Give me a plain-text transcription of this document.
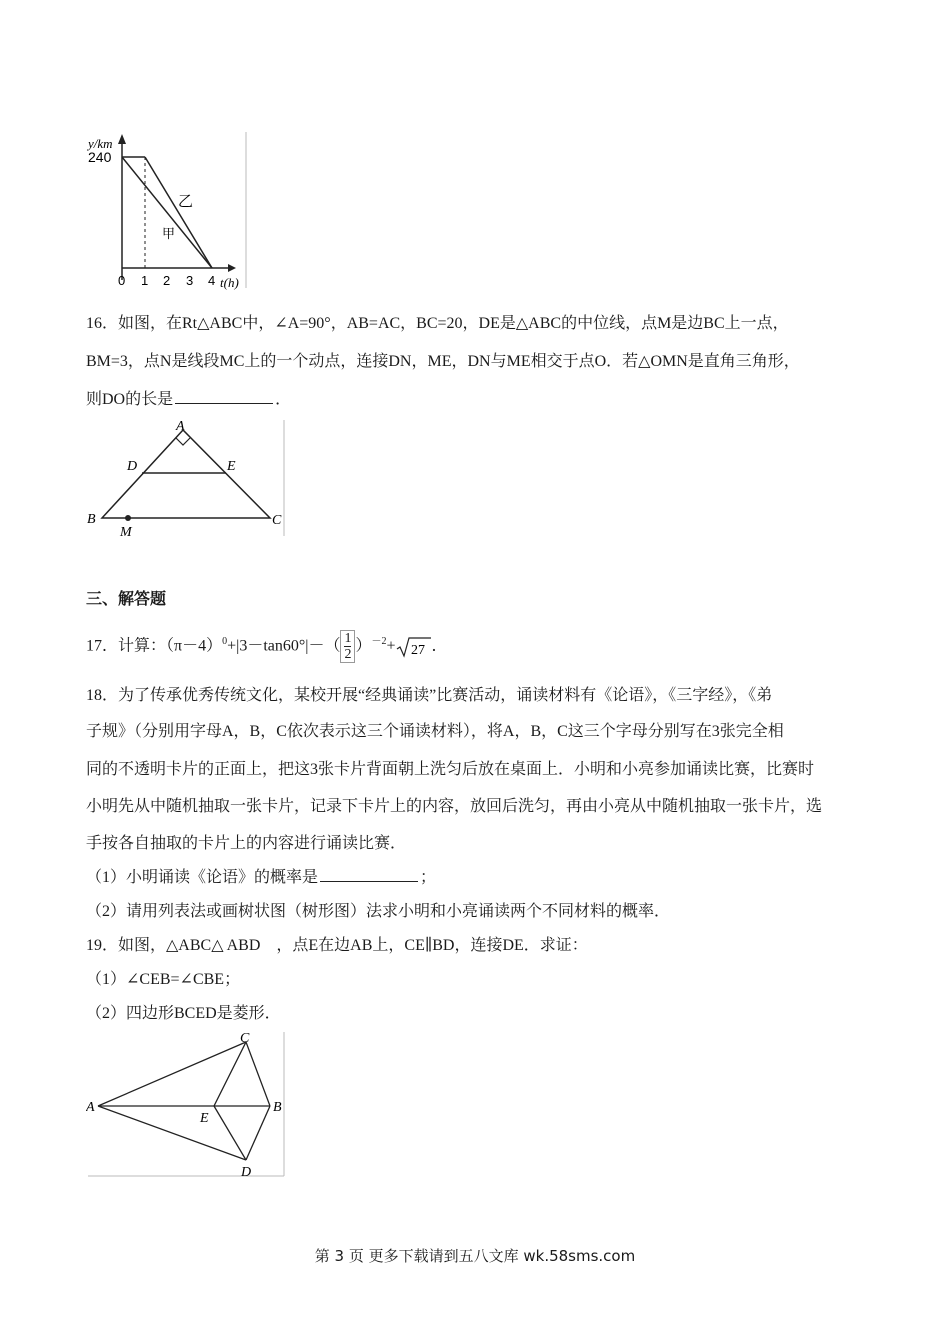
y/km
240
0 1 2 3 4 t(h)
乙
甲
16．如图，在Rt△ABC中，∠A=90°，AB=AC，BC=20，DE是△ABC的中位线，点M是边BC上一点，
BM=3，点N是线段MC上的一个动点，连接DN，ME，DN与ME相交于点O．若△OMN是直角三角形，
则DO的长是	．
A
D	E
B
M
C
三、解答题
17．计算：$(\pi-4)^0+|3-\tan 60^\circ|-( \frac{1}{2} )^{-2}+ 27$ ．
18．为了传承优秀传统文化，某校开展“经典诵读”比赛活动，诵读材料有《论语》，《三字经》，《弟
子规》（分别用字母A，B，C依次表示这三个诵读材料），将A，B，C这三个字母分别写在3张完全相
同的不透明卡片的正面上，把这3张卡片背面朝上洗匀后放在桌面上．小明和小亮参加诵读比赛，比赛时
小明先从中随机抽取一张卡片，记录下卡片上的内容，放回后洗匀，再由小亮从中随机抽取一张卡片，选
手按各自抽取的卡片上的内容进行诵读比赛．
（1）小明诵读《论语》的概率是	；
（2）请用列表法或画树状图（树形图）法求小明和小亮诵读两个不同材料的概率．
19．如图，△ABC△ ABD　，点E在边AB上，CE∥BD，连接DE．求证：
（1）∠CEB=∠CBE；
（2）四边形BCED是菱形．
A
C
B
E
D
第 3 页 更多下载请到五八文库 wk.58sms.com
